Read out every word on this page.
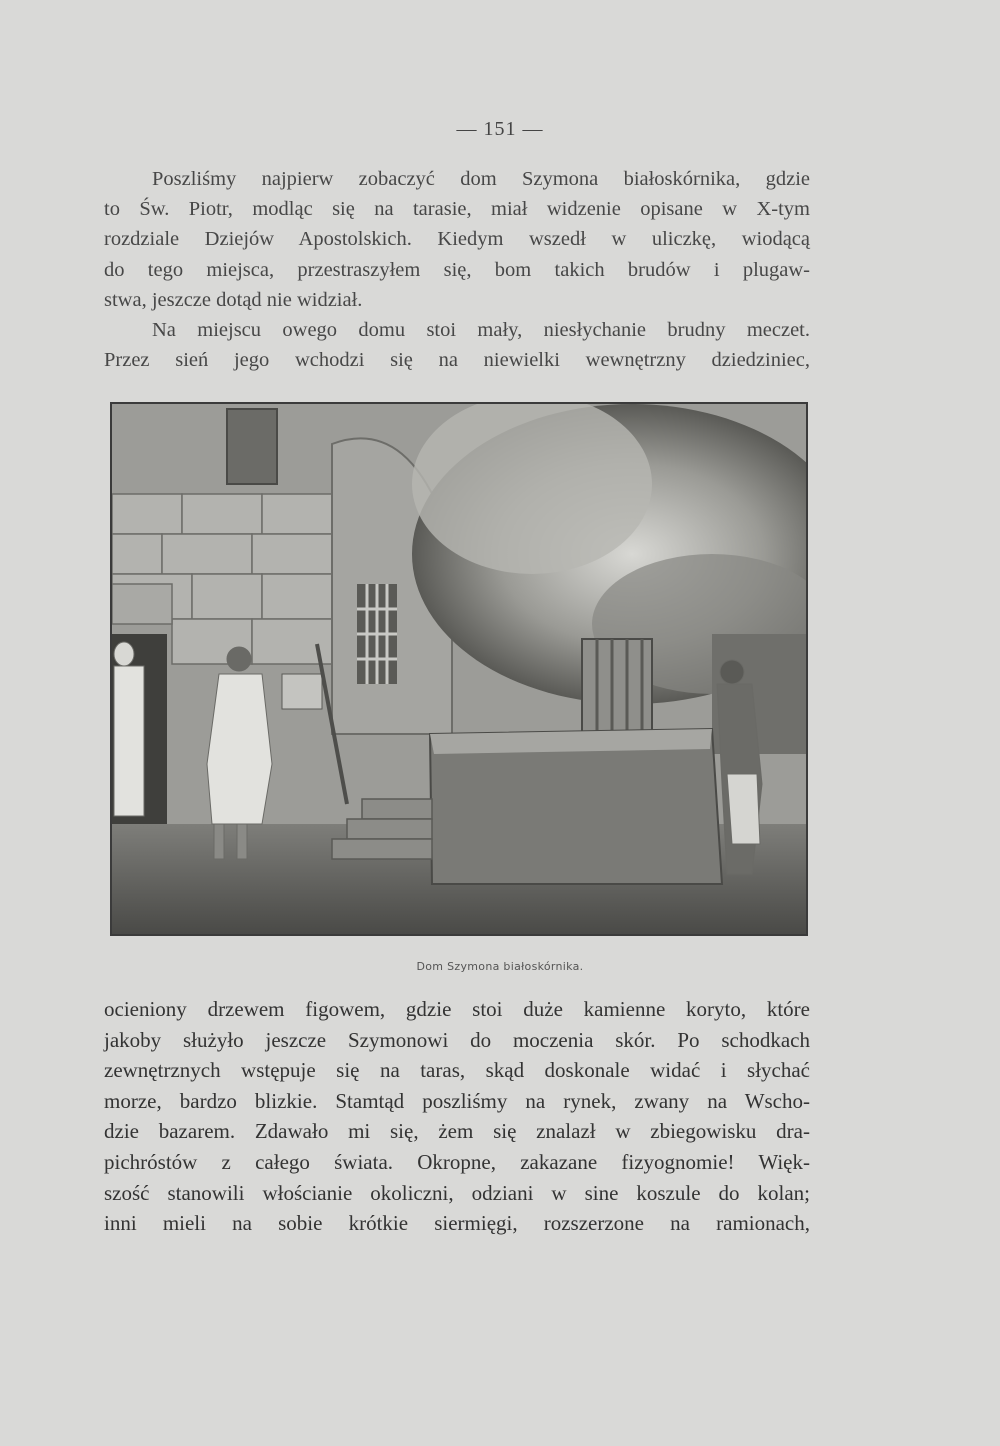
— 151 —
Poszliśmy najpierw zobaczyć dom Szymona białoskórnika, gdzie
to Św. Piotr, modląc się na tarasie, miał widzenie opisane w X-tym
rozdziale Dziejów Apostolskich. Kiedym wszedł w uliczkę, wiodącą
do tego miejsca, przestraszyłem się, bom takich brudów i plugaw-
stwa, jeszcze dotąd nie widział.
Na miejscu owego domu stoi mały, niesłychanie brudny meczet.
Przez sień jego wchodzi się na niewielki wewnętrzny dziedziniec,
Dom Szymona białoskórnika.
ocieniony drzewem figowem, gdzie stoi duże kamienne koryto, które
jakoby służyło jeszcze Szymonowi do moczenia skór. Po schodkach
zewnętrznych wstępuje się na taras, skąd doskonale widać i słychać
morze, bardzo blizkie. Stamtąd poszliśmy na rynek, zwany na Wscho-
dzie bazarem. Zdawało mi się, żem się znalazł w zbiegowisku dra-
pichróstów z całego świata. Okropne, zakazane fizyognomie! Więk-
szość stanowili włościanie okoliczni, odziani w sine koszule do kolan;
inni mieli na sobie krótkie siermięgi, rozszerzone na ramionach,
